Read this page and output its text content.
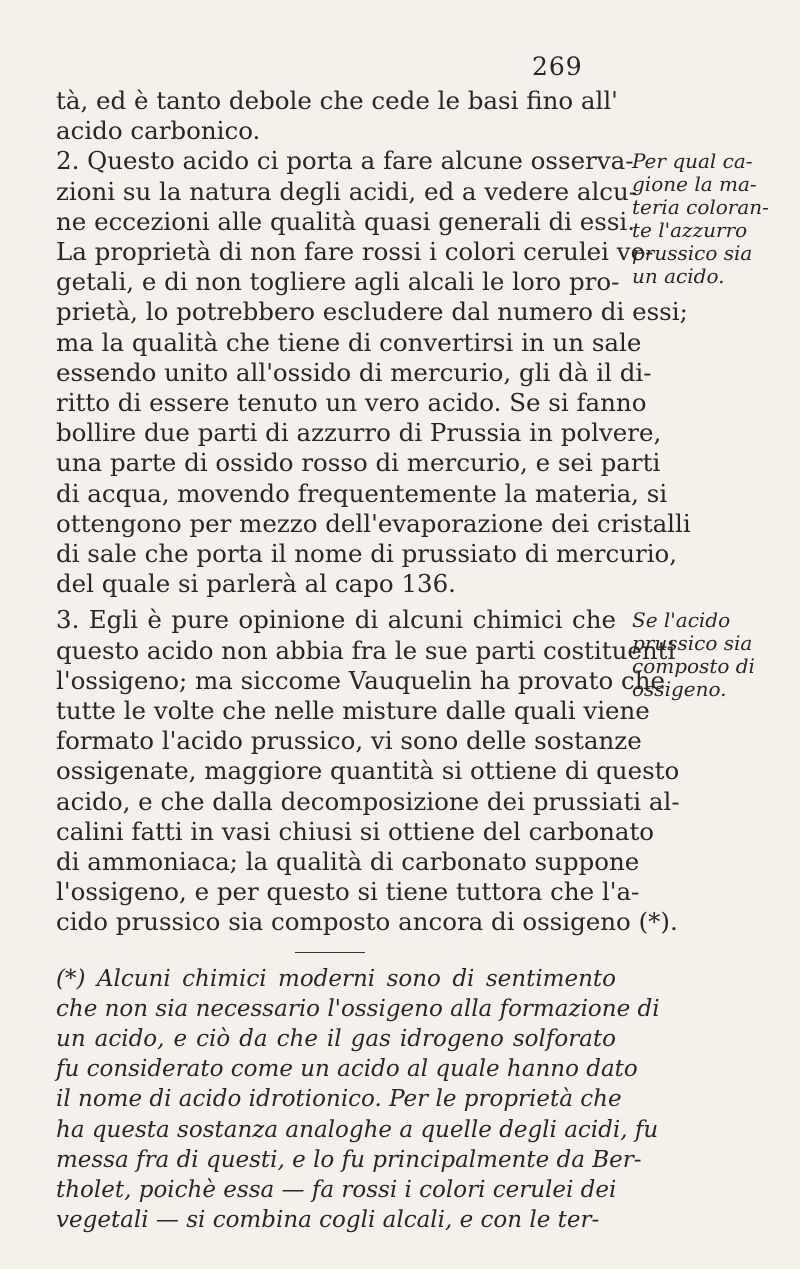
269
tà, ed è tanto debole che cede le basi fino all'
acido carbonico.
2. Questo acido ci porta a fare alcune osserva-
zioni su la natura degli acidi, ed a vedere alcu-
ne eccezioni alle qualità quasi generali di essi.
La proprietà di non fare rossi i colori cerulei ve-
getali, e di non togliere agli alcali le loro pro-
prietà, lo potrebbero escludere dal numero di essi;
ma la qualità che tiene di convertirsi in un sale
essendo unito all'ossido di mercurio, gli dà il di-
ritto di essere tenuto un vero acido. Se si fanno
bollire due parti di azzurro di Prussia in polvere,
una parte di ossido rosso di mercurio, e sei parti
di acqua, movendo frequentemente la materia, si
ottengono per mezzo dell'evaporazione dei cristalli
di sale che porta il nome di prussiato di mercurio,
del quale si parlerà al capo 136.
3. Egli è pure opinione di alcuni chimici che
questo acido non abbia fra le sue parti costituenti
l'ossigeno; ma siccome Vauquelin ha provato che
tutte le volte che nelle misture dalle quali viene
formato l'acido prussico, vi sono delle sostanze
ossigenate, maggiore quantità si ottiene di questo
acido, e che dalla decomposizione dei prussiati al-
calini fatti in vasi chiusi si ottiene del carbonato
di ammoniaca; la qualità di carbonato suppone
l'ossigeno, e per questo si tiene tuttora che l'a-
cido prussico sia composto ancora di ossigeno (*).
Per qual ca-
gione la ma-
teria coloran-
te l'azzurro
prussico sia
un acido.
Se l'acido
prussico sia
composto di
ossigeno.
(*) Alcuni chimici moderni sono di sentimento
che non sia necessario l'ossigeno alla formazione di
un acido, e ciò da che il gas idrogeno solforato
fu considerato come un acido al quale hanno dato
il nome di acido idrotionico. Per le proprietà che
ha questa sostanza analoghe a quelle degli acidi, fu
messa fra di questi, e lo fu principalmente da Ber-
tholet, poichè essa — fa rossi i colori cerulei dei
vegetali — si combina cogli alcali, e con le ter-
